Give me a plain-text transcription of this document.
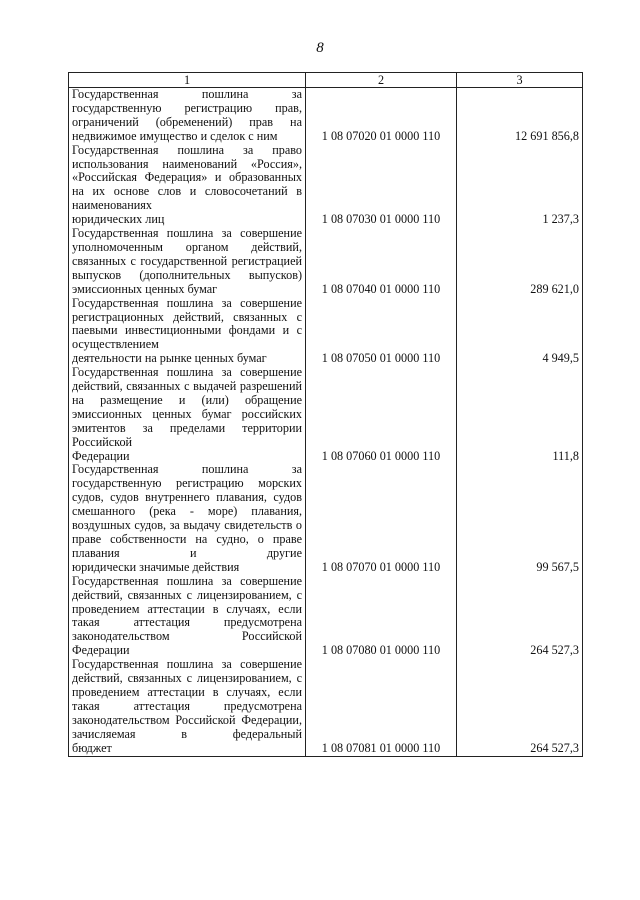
8
1	2	3
Государственная пошлина за государственную регистрацию прав, ограничений (обременений) прав на
недвижимое имущество и сделок с ним	1 08 07020 01 0000 110	12 691 856,8
Государственная пошлина за право использования наименований «Россия», «Российская Федерация» и образованных на их основе слов и словосочетаний в наименованиях
юридических лиц	1 08 07030 01 0000 110	1 237,3
Государственная пошлина за совершение уполномоченным органом действий, связанных с государственной регистрацией выпусков (дополнительных выпусков)
эмиссионных ценных бумаг	1 08 07040 01 0000 110	289 621,0
Государственная пошлина за совершение регистрационных действий, связанных с паевыми инвестиционными фондами и с осуществлением
деятельности на рынке ценных бумаг	1 08 07050 01 0000 110	4 949,5
Государственная пошлина за совершение действий, связанных с выдачей разрешений на размещение и (или) обращение эмиссионных ценных бумаг российских эмитентов за пределами территории Российской
Федерации	1 08 07060 01 0000 110	111,8
Государственная пошлина за государственную регистрацию морских судов, судов внутреннего плавания, судов смешанного (река - море) плавания, воздушных судов, за выдачу свидетельств о праве собственности на судно, о праве плавания и другие
юридически значимые действия	1 08 07070 01 0000 110	99 567,5
Государственная пошлина за совершение действий, связанных с лицензированием, с проведением аттестации в случаях, если такая аттестация предусмотрена законодательством Российской
Федерации	1 08 07080 01 0000 110	264 527,3
Государственная пошлина за совершение действий, связанных с лицензированием, с проведением аттестации в случаях, если такая аттестация предусмотрена законодательством Российской Федерации, зачисляемая в федеральный
бюджет	1 08 07081 01 0000 110	264 527,3
